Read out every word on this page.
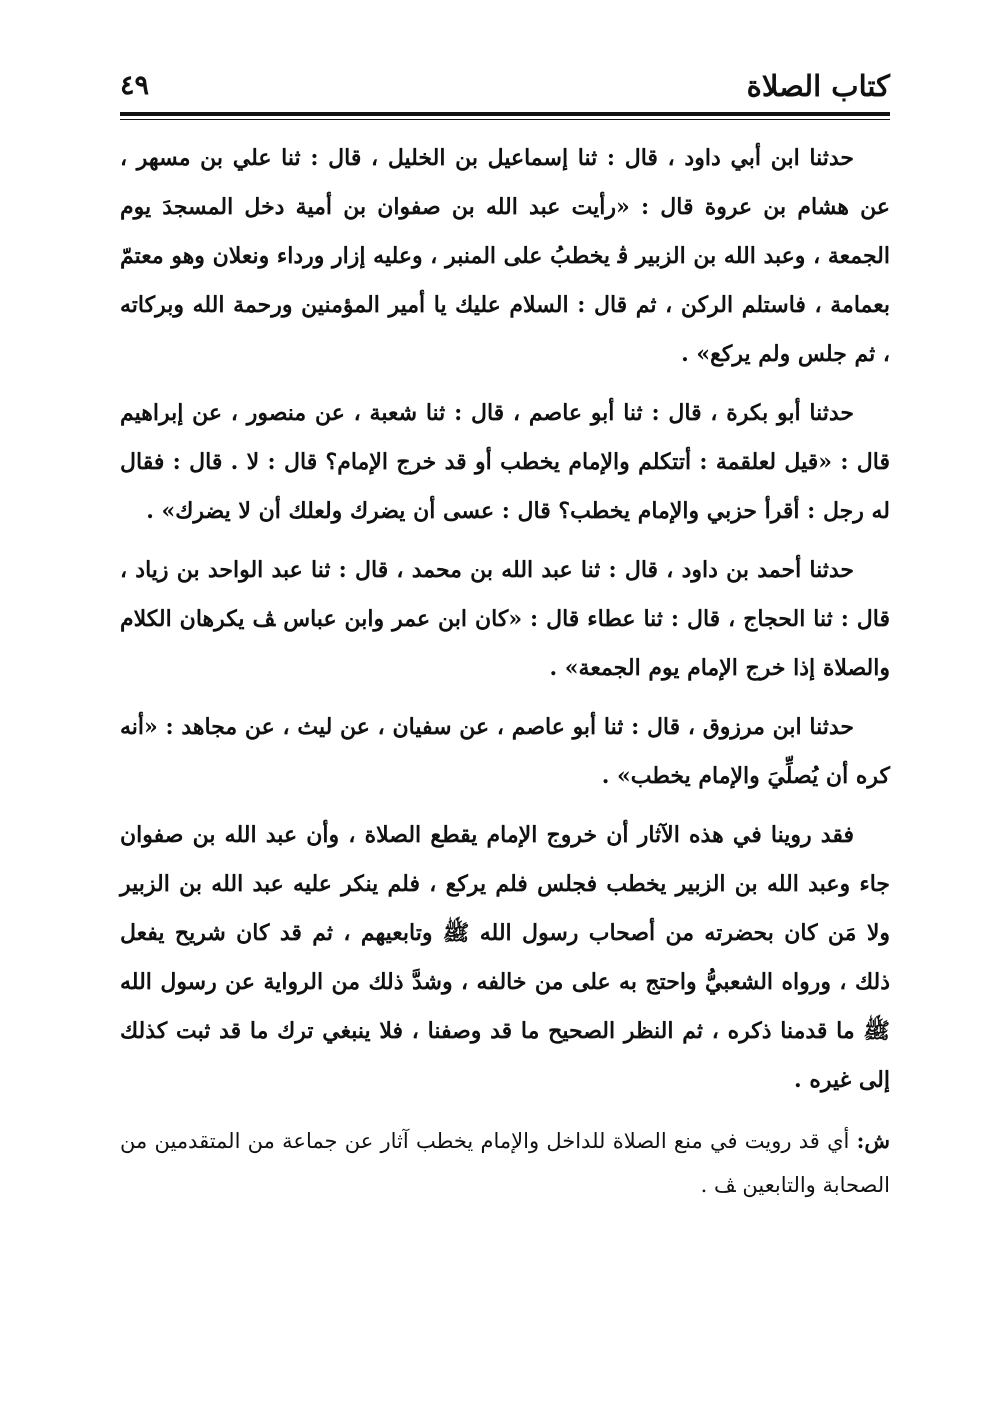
كتاب الصلاة
٤٩

حدثنا ابن أبي داود ، قال : ثنا إسماعيل بن الخليل ، قال : ثنا علي بن مسهر ، عن هشام بن عروة قال : «رأيت عبد الله بن صفوان بن أمية دخل المسجدَ يوم الجمعة ، وعبد الله بن الزبير ﭬ يخطبُ على المنبر ، وعليه إزار ورداء ونعلان وهو معتمّ بعمامة ، فاستلم الركن ، ثم قال : السلام عليك يا أمير المؤمنين ورحمة الله وبركاته ، ثم جلس ولم يركع» .

حدثنا أبو بكرة ، قال : ثنا أبو عاصم ، قال : ثنا شعبة ، عن منصور ، عن إبراهيم قال : «قيل لعلقمة : أتتكلم والإمام يخطب أو قد خرج الإمام؟ قال : لا . قال : فقال له رجل : أقرأ حزبي والإمام يخطب؟ قال : عسى أن يضرك ولعلك أن لا يضرك» .

حدثنا أحمد بن داود ، قال : ثنا عبد الله بن محمد ، قال : ثنا عبد الواحد بن زياد ، قال : ثنا الحجاج ، قال : ثنا عطاء قال : «كان ابن عمر وابن عباس ﭫ يكرهان الكلام والصلاة إذا خرج الإمام يوم الجمعة» .

حدثنا ابن مرزوق ، قال : ثنا أبو عاصم ، عن سفيان ، عن ليث ، عن مجاهد : «أنه كره أن يُصلِّيَ والإمام يخطب» .

فقد روينا في هذه الآثار أن خروج الإمام يقطع الصلاة ، وأن عبد الله بن صفوان جاء وعبد الله بن الزبير يخطب فجلس فلم يركع ، فلم ينكر عليه عبد الله بن الزبير ولا مَن كان بحضرته من أصحاب رسول الله ﷺ وتابعيهم ، ثم قد كان شريح يفعل ذلك ، ورواه الشعبيُّ واحتج به على من خالفه ، وشدَّ ذلك من الرواية عن رسول الله ﷺ ما قدمنا ذكره ، ثم النظر الصحيح ما قد وصفنا ، فلا ينبغي ترك ما قد ثبت كذلك إلى غيره .

ش: أي قد رويت في منع الصلاة للداخل والإمام يخطب آثار عن جماعة من المتقدمين من الصحابة والتابعين ﭫ .
